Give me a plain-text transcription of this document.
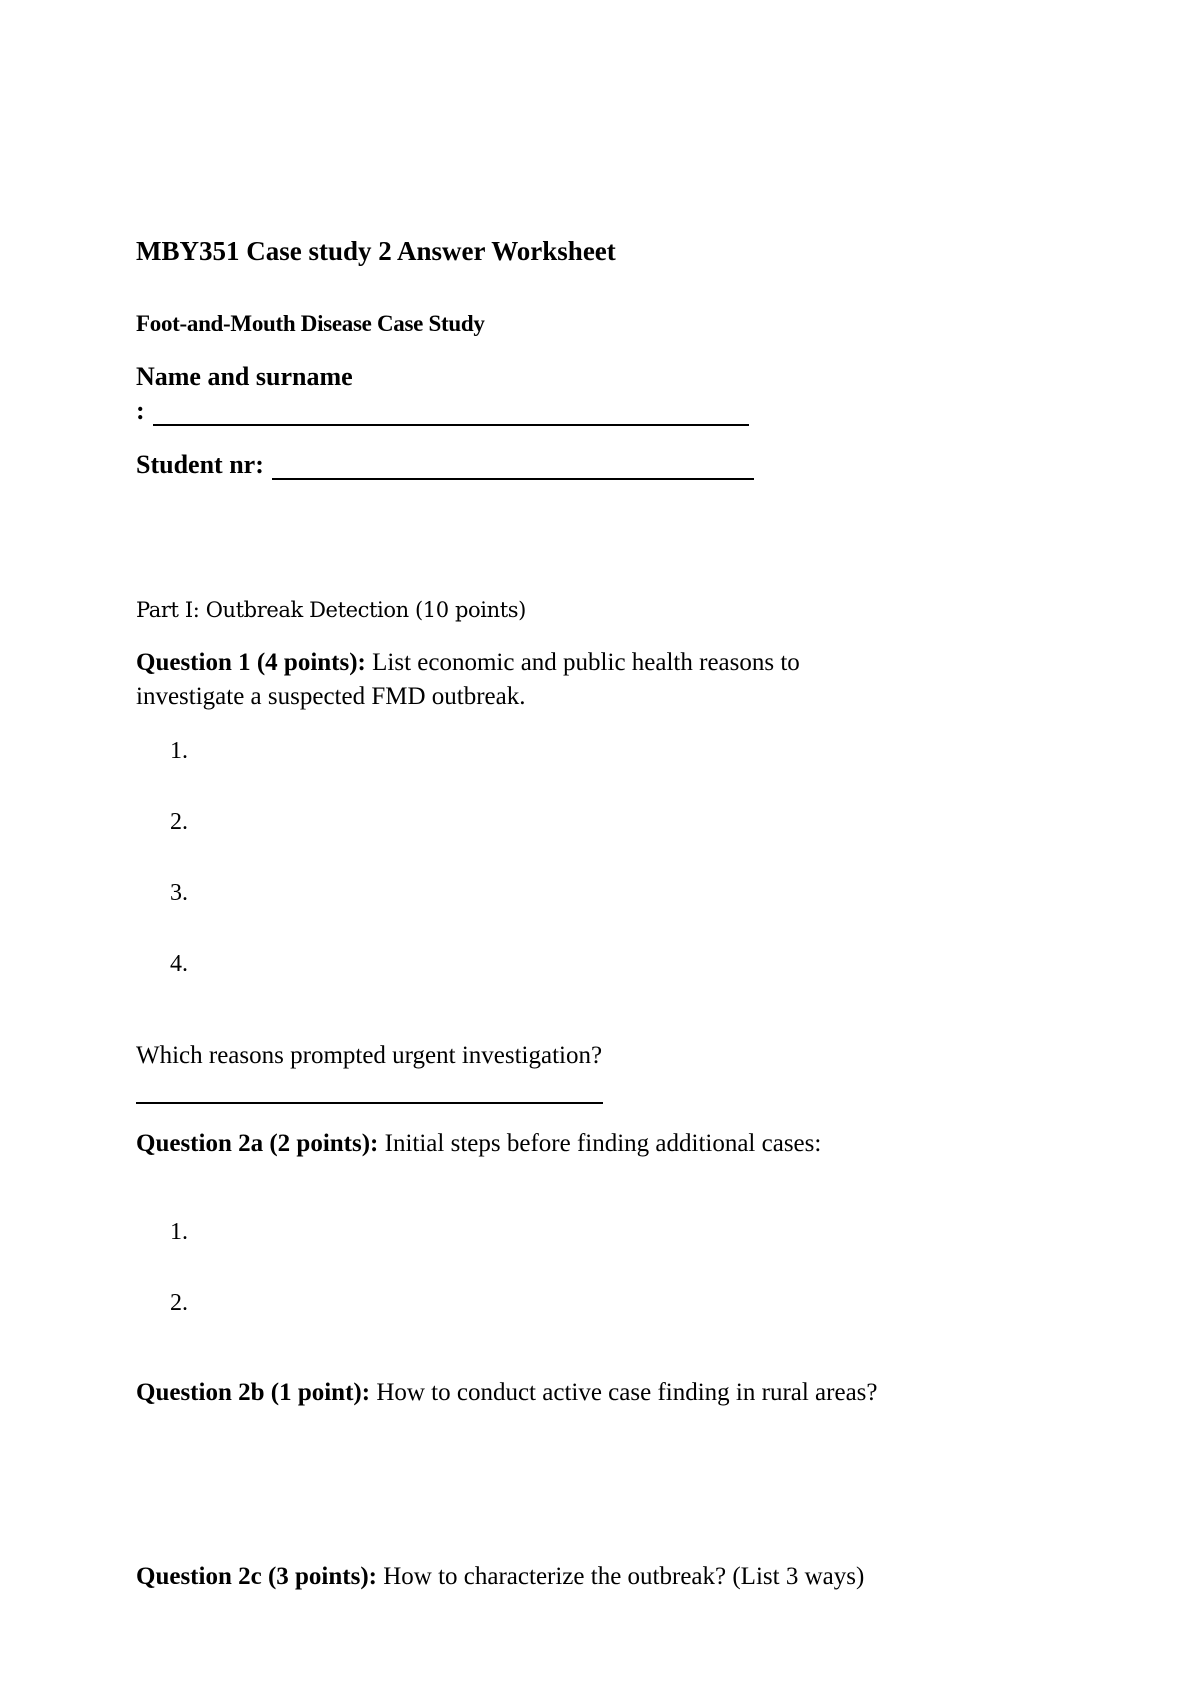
MBY351 Case study 2 Answer Worksheet
Foot-and-Mouth Disease Case Study
Name and surname
:
Student nr:
Part I: Outbreak Detection (10 points)
Question 1 (4 points): List economic and public health reasons to investigate a suspected FMD outbreak.
1.
2.
3.
4.
Which reasons prompted urgent investigation?
Question 2a (2 points): Initial steps before finding additional cases:
1.
2.
Question 2b (1 point): How to conduct active case finding in rural areas?
Question 2c (3 points): How to characterize the outbreak? (List 3 ways)
